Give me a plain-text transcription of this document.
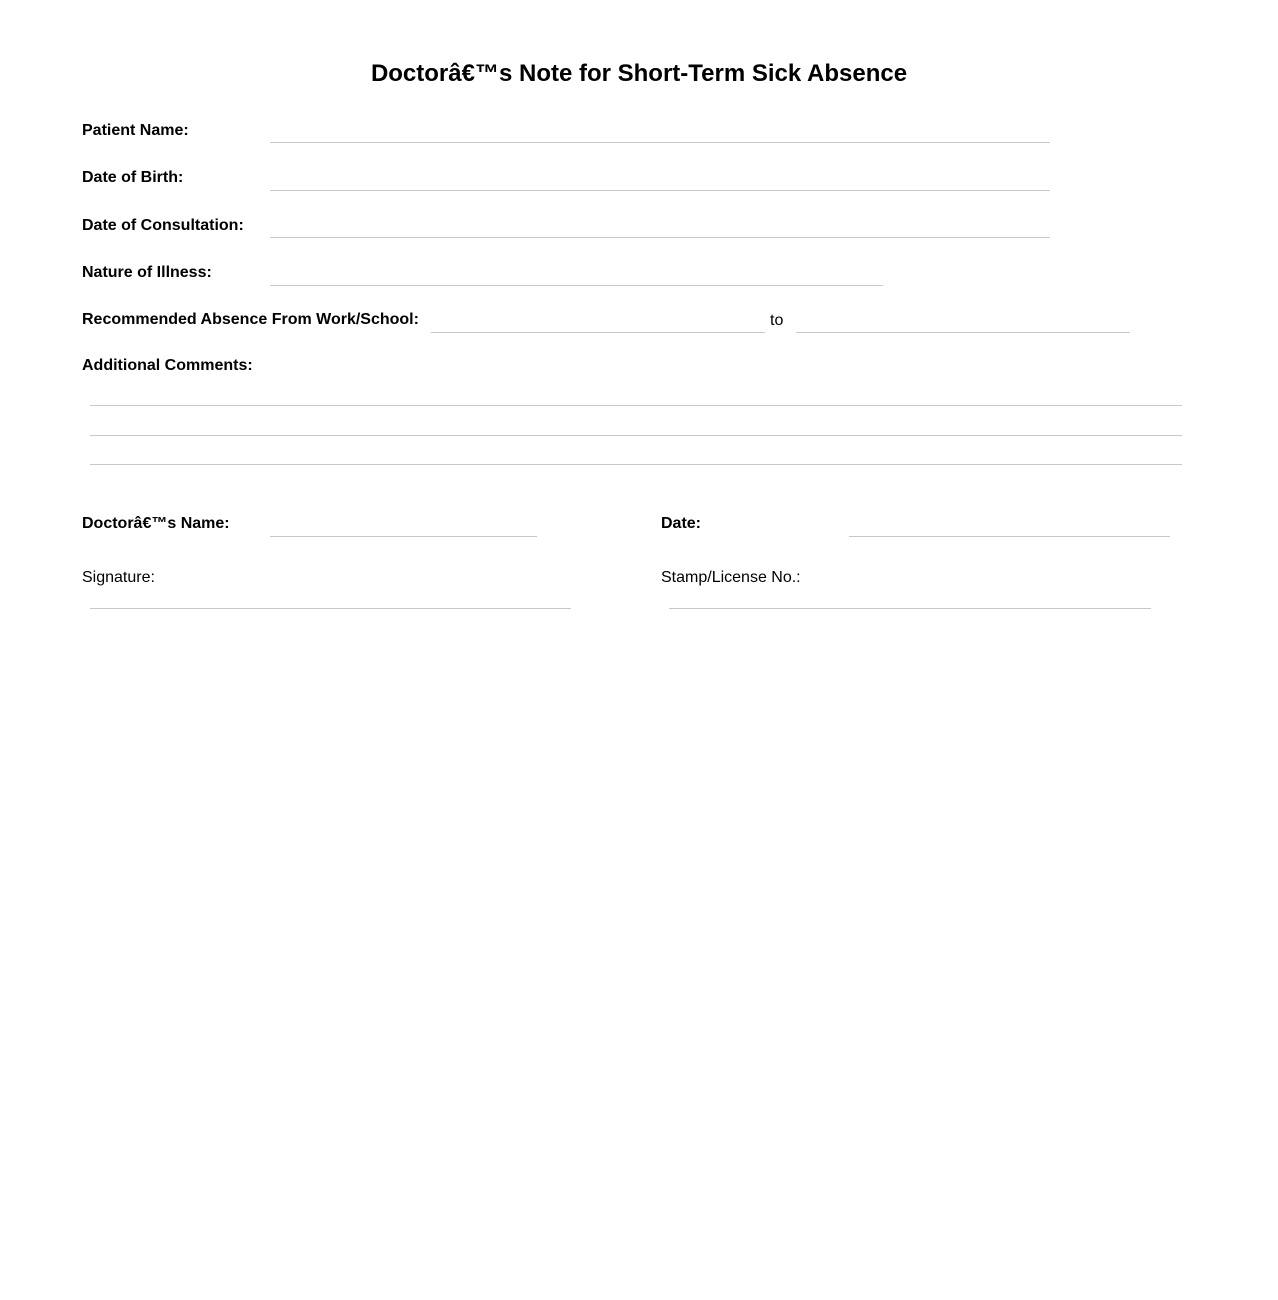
Doctorâ€™s Note for Short-Term Sick Absence
Patient Name:
Date of Birth:
Date of Consultation:
Nature of Illness:
Recommended Absence From Work/School:	to
Additional Comments:
Doctorâ€™s Name:	Date:
Signature:	Stamp/License No.:
